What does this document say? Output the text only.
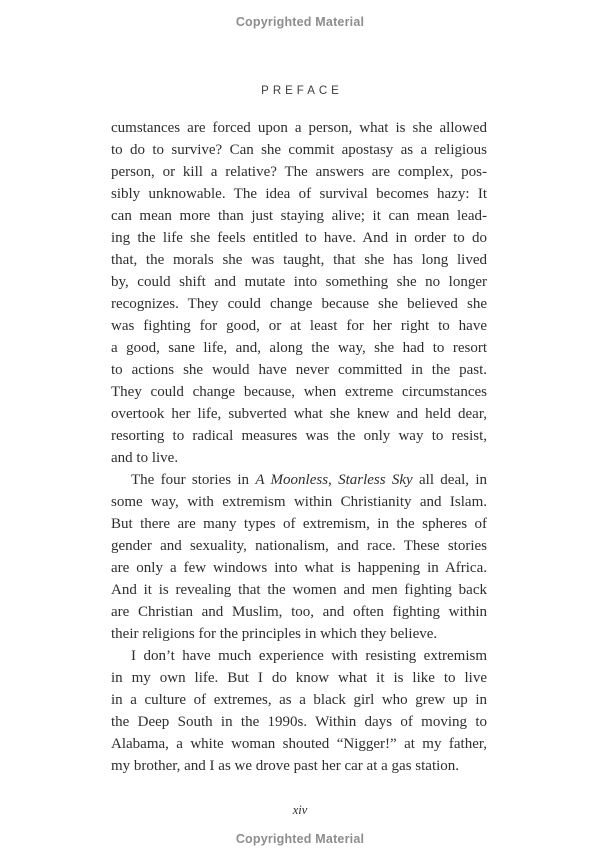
Copyrighted Material
PREFACE
cumstances are forced upon a person, what is she allowed
to do to survive? Can she commit apostasy as a religious
person, or kill a relative? The answers are complex, pos-
sibly unknowable. The idea of survival becomes hazy: It
can mean more than just staying alive; it can mean lead-
ing the life she feels entitled to have. And in order to do
that, the morals she was taught, that she has long lived
by, could shift and mutate into something she no longer
recognizes. They could change because she believed she
was fighting for good, or at least for her right to have
a good, sane life, and, along the way, she had to resort
to actions she would have never committed in the past.
They could change because, when extreme circumstances
overtook her life, subverted what she knew and held dear,
resorting to radical measures was the only way to resist,
and to live.
The four stories in A Moonless, Starless Sky all deal, in
some way, with extremism within Christianity and Islam.
But there are many types of extremism, in the spheres of
gender and sexuality, nationalism, and race. These stories
are only a few windows into what is happening in Africa.
And it is revealing that the women and men fighting back
are Christian and Muslim, too, and often fighting within
their religions for the principles in which they believe.
I don’t have much experience with resisting extremism
in my own life. But I do know what it is like to live
in a culture of extremes, as a black girl who grew up in
the Deep South in the 1990s. Within days of moving to
Alabama, a white woman shouted “Nigger!” at my father,
my brother, and I as we drove past her car at a gas station.
xiv
Copyrighted Material
